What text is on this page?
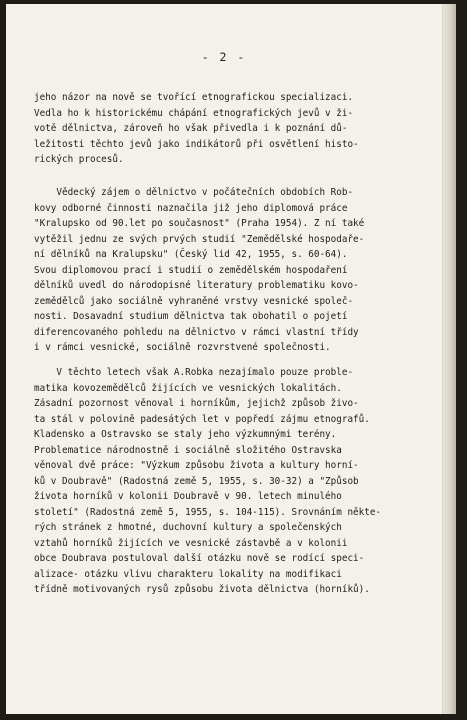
- 2 -
jeho názor na nově se tvořící etnografickou specializaci.
Vedla ho k historickému chápání etnografických jevů v ži-
votě dělnictva, zároveň ho však přivedla i k poznání dů-
ležitosti těchto jevů jako indikátorů při osvětlení histo-
rických procesů.
Vědecký zájem o dělnictvo v počátečních obdobích Rob-
kovy odborné činnosti naznačila již jeho diplomová práce
"Kralupsko od 90.let po současnost" (Praha 1954). Z ní také
vytěžil jednu ze svých prvých studií "Zemědělské hospodaře-
ní dělníků na Kralupsku" (Český lid 42, 1955, s. 60-64).
Svou diplomovou prací i studií o zemědělském hospodaření
dělníků uvedl do národopisné literatury problematiku kovo-
zemědělců jako sociálně vyhraněné vrstvy vesnické společ-
nosti. Dosavadní studium dělnictva tak obohatil o pojetí
diferencovaného pohledu na dělnictvo v rámci vlastní třídy
i v rámci vesnické, sociálně rozvrstvené společnosti.
V těchto letech však A.Robka nezajímalo pouze proble-
matika kovozemědělců žijících ve vesnických lokalitách.
Zásadní pozornost věnoval i horníkům, jejichž způsob živo-
ta stál v polovině padesátých let v popředí zájmu etnografů.
Kladensko a Ostravsko se staly jeho výzkumnými terény.
Problematice národnostně i sociálně složitého Ostravska
věnoval dvě práce: "Výzkum způsobu života a kultury horní-
ků v Doubravě" (Radostná země 5, 1955, s. 30-32) a "Způsob
života horníků v kolonii Doubravě v 90. letech minulého
století" (Radostná země 5, 1955, s. 104-115). Srovnáním někte-
rých stránek z hmotné, duchovní kultury a společenských
vztahů horníků žijících ve vesnické zástavbě a v kolonii
obce Doubrava postuloval další otázku nově se rodící speci-
alizace- otázku vlivu charakteru lokality na modifikaci
třídně motivovaných rysů způsobu života dělnictva (horníků).
